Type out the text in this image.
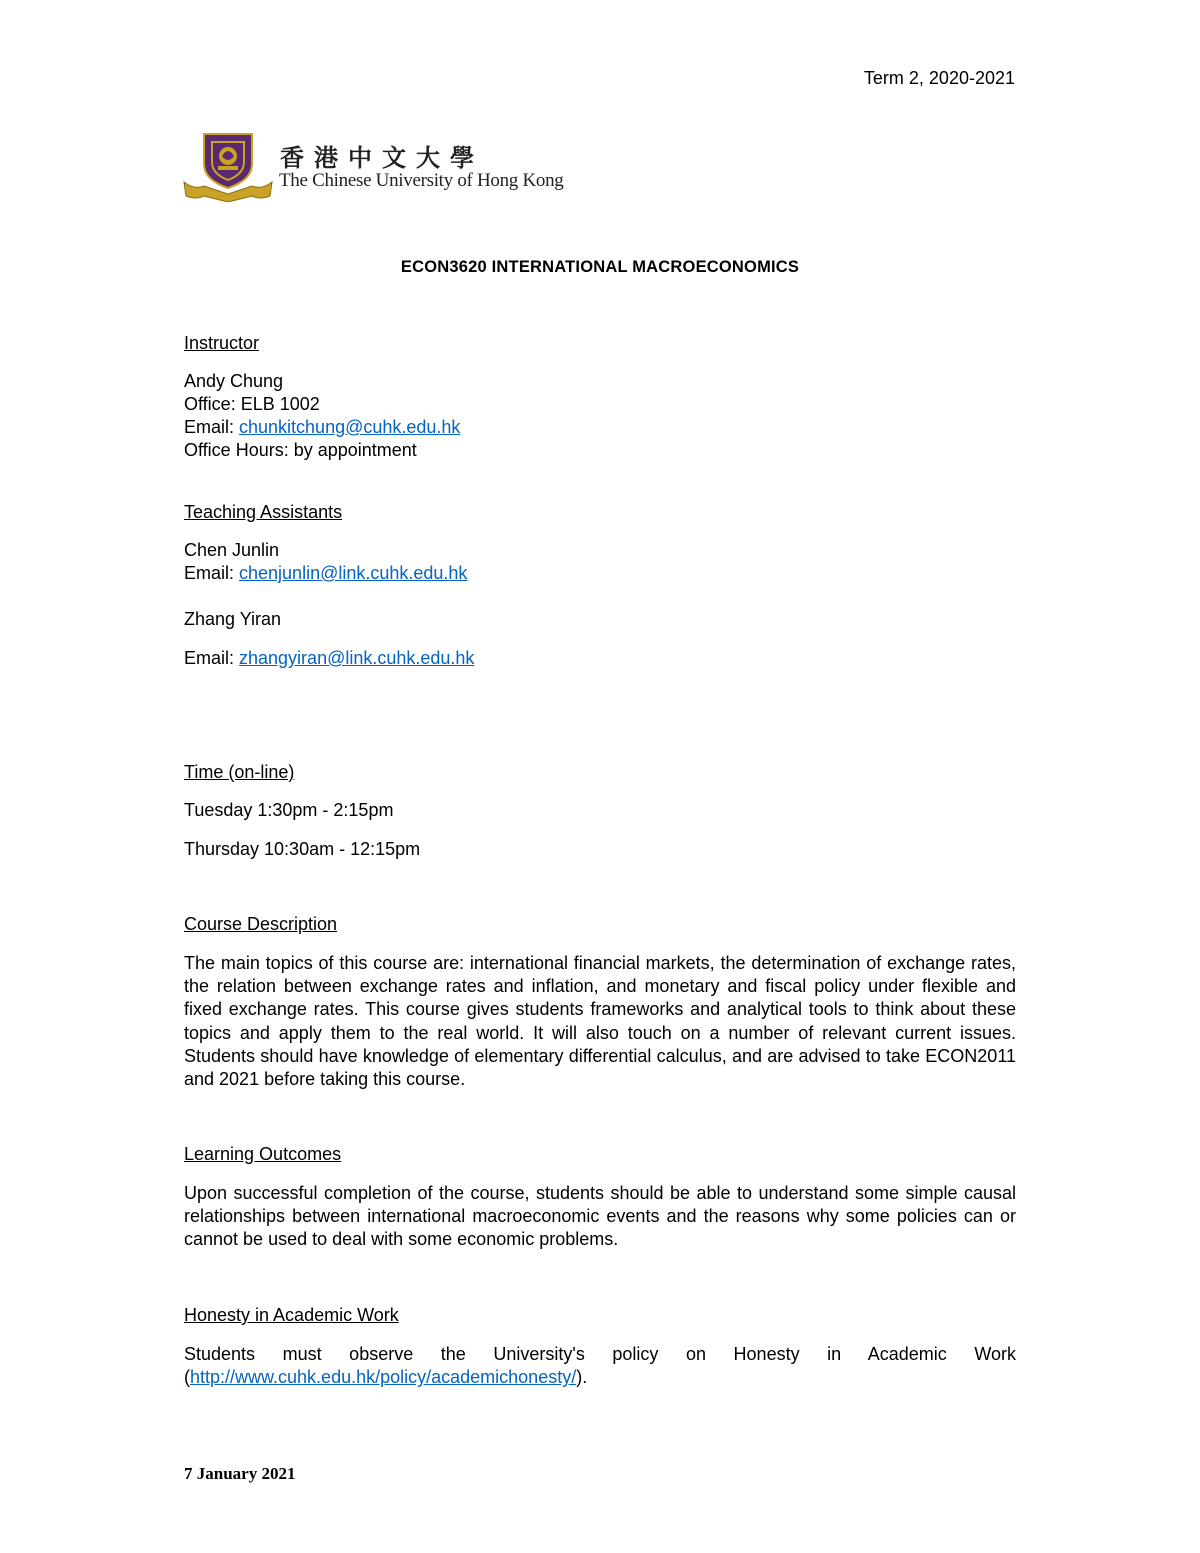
Term 2, 2020-2021

· · · ·
香港中文大學
The Chinese University of Hong Kong
ECON3620 INTERNATIONAL MACROECONOMICS

Instructor

Andy Chung

Office: ELB 1002

Email: chunkitchung@cuhk.edu.hk

Office Hours: by appointment

Teaching Assistants

Chen Junlin

Email: chenjunlin@link.cuhk.edu.hk

Zhang Yiran

Email: zhangyiran@link.cuhk.edu.hk

Time (on-line)

Tuesday 1:30pm - 2:15pm

Thursday 10:30am - 12:15pm

Course Description

The main topics of this course are: international financial markets, the determination of exchange rates, the relation between exchange rates and inflation, and monetary and fiscal policy under flexible and fixed exchange rates. This course gives students frameworks and analytical tools to think about these topics and apply them to the real world. It will also touch on a number of relevant current issues. Students should have knowledge of elementary differential calculus, and are advised to take ECON2011 and 2021 before taking this course.

Learning Outcomes

Upon successful completion of the course, students should be able to understand some simple causal relationships between international macroeconomic events and the reasons why some policies can or cannot be used to deal with some economic problems.

Honesty in Academic Work

Students must observe the University's policy on Honesty in Academic Work (http://www.cuhk.edu.hk/policy/academichonesty/).

7 January 2021
